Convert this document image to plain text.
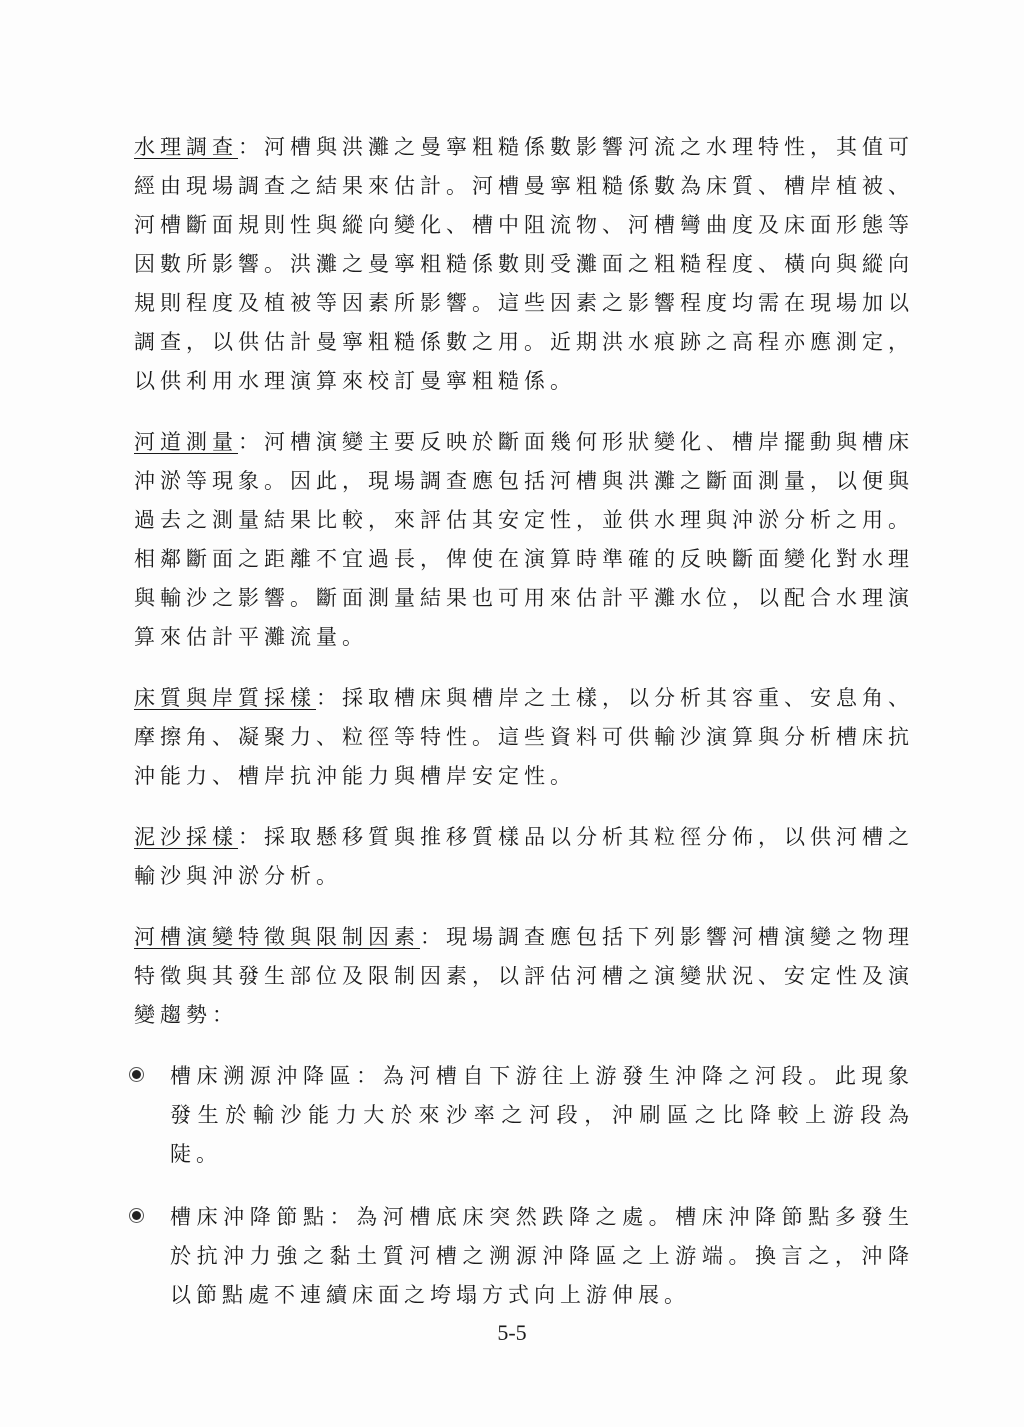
水理調查：河槽與洪灘之曼寧粗糙係數影響河流之水理特性，其值可經由現場調查之結果來估計。河槽曼寧粗糙係數為床質、槽岸植被、河槽斷面規則性與縱向變化、槽中阻流物、河槽彎曲度及床面形態等因數所影響。洪灘之曼寧粗糙係數則受灘面之粗糙程度、橫向與縱向規則程度及植被等因素所影響。這些因素之影響程度均需在現場加以調查，以供估計曼寧粗糙係數之用。近期洪水痕跡之高程亦應測定，以供利用水理演算來校訂曼寧粗糙係。

河道測量：河槽演變主要反映於斷面幾何形狀變化、槽岸擺動與槽床沖淤等現象。因此，現場調查應包括河槽與洪灘之斷面測量，以便與過去之測量結果比較，來評估其安定性，並供水理與沖淤分析之用。相鄰斷面之距離不宜過長，俾使在演算時準確的反映斷面變化對水理與輸沙之影響。斷面測量結果也可用來估計平灘水位，以配合水理演算來估計平灘流量。

床質與岸質採樣：採取槽床與槽岸之土樣，以分析其容重、安息角、摩擦角、凝聚力、粒徑等特性。這些資料可供輸沙演算與分析槽床抗沖能力、槽岸抗沖能力與槽岸安定性。

泥沙採樣：採取懸移質與推移質樣品以分析其粒徑分佈，以供河槽之輸沙與沖淤分析。

河槽演變特徵與限制因素：現場調查應包括下列影響河槽演變之物理特徵與其發生部位及限制因素，以評估河槽之演變狀況、安定性及演變趨勢：

槽床溯源沖降區：為河槽自下游往上游發生沖降之河段。此現象發生於輸沙能力大於來沙率之河段，沖刷區之比降較上游段為陡。
槽床沖降節點：為河槽底床突然跌降之處。槽床沖降節點多發生於抗沖力強之黏土質河槽之溯源沖降區之上游端。換言之，沖降以節點處不連續床面之垮塌方式向上游伸展。
5-5
